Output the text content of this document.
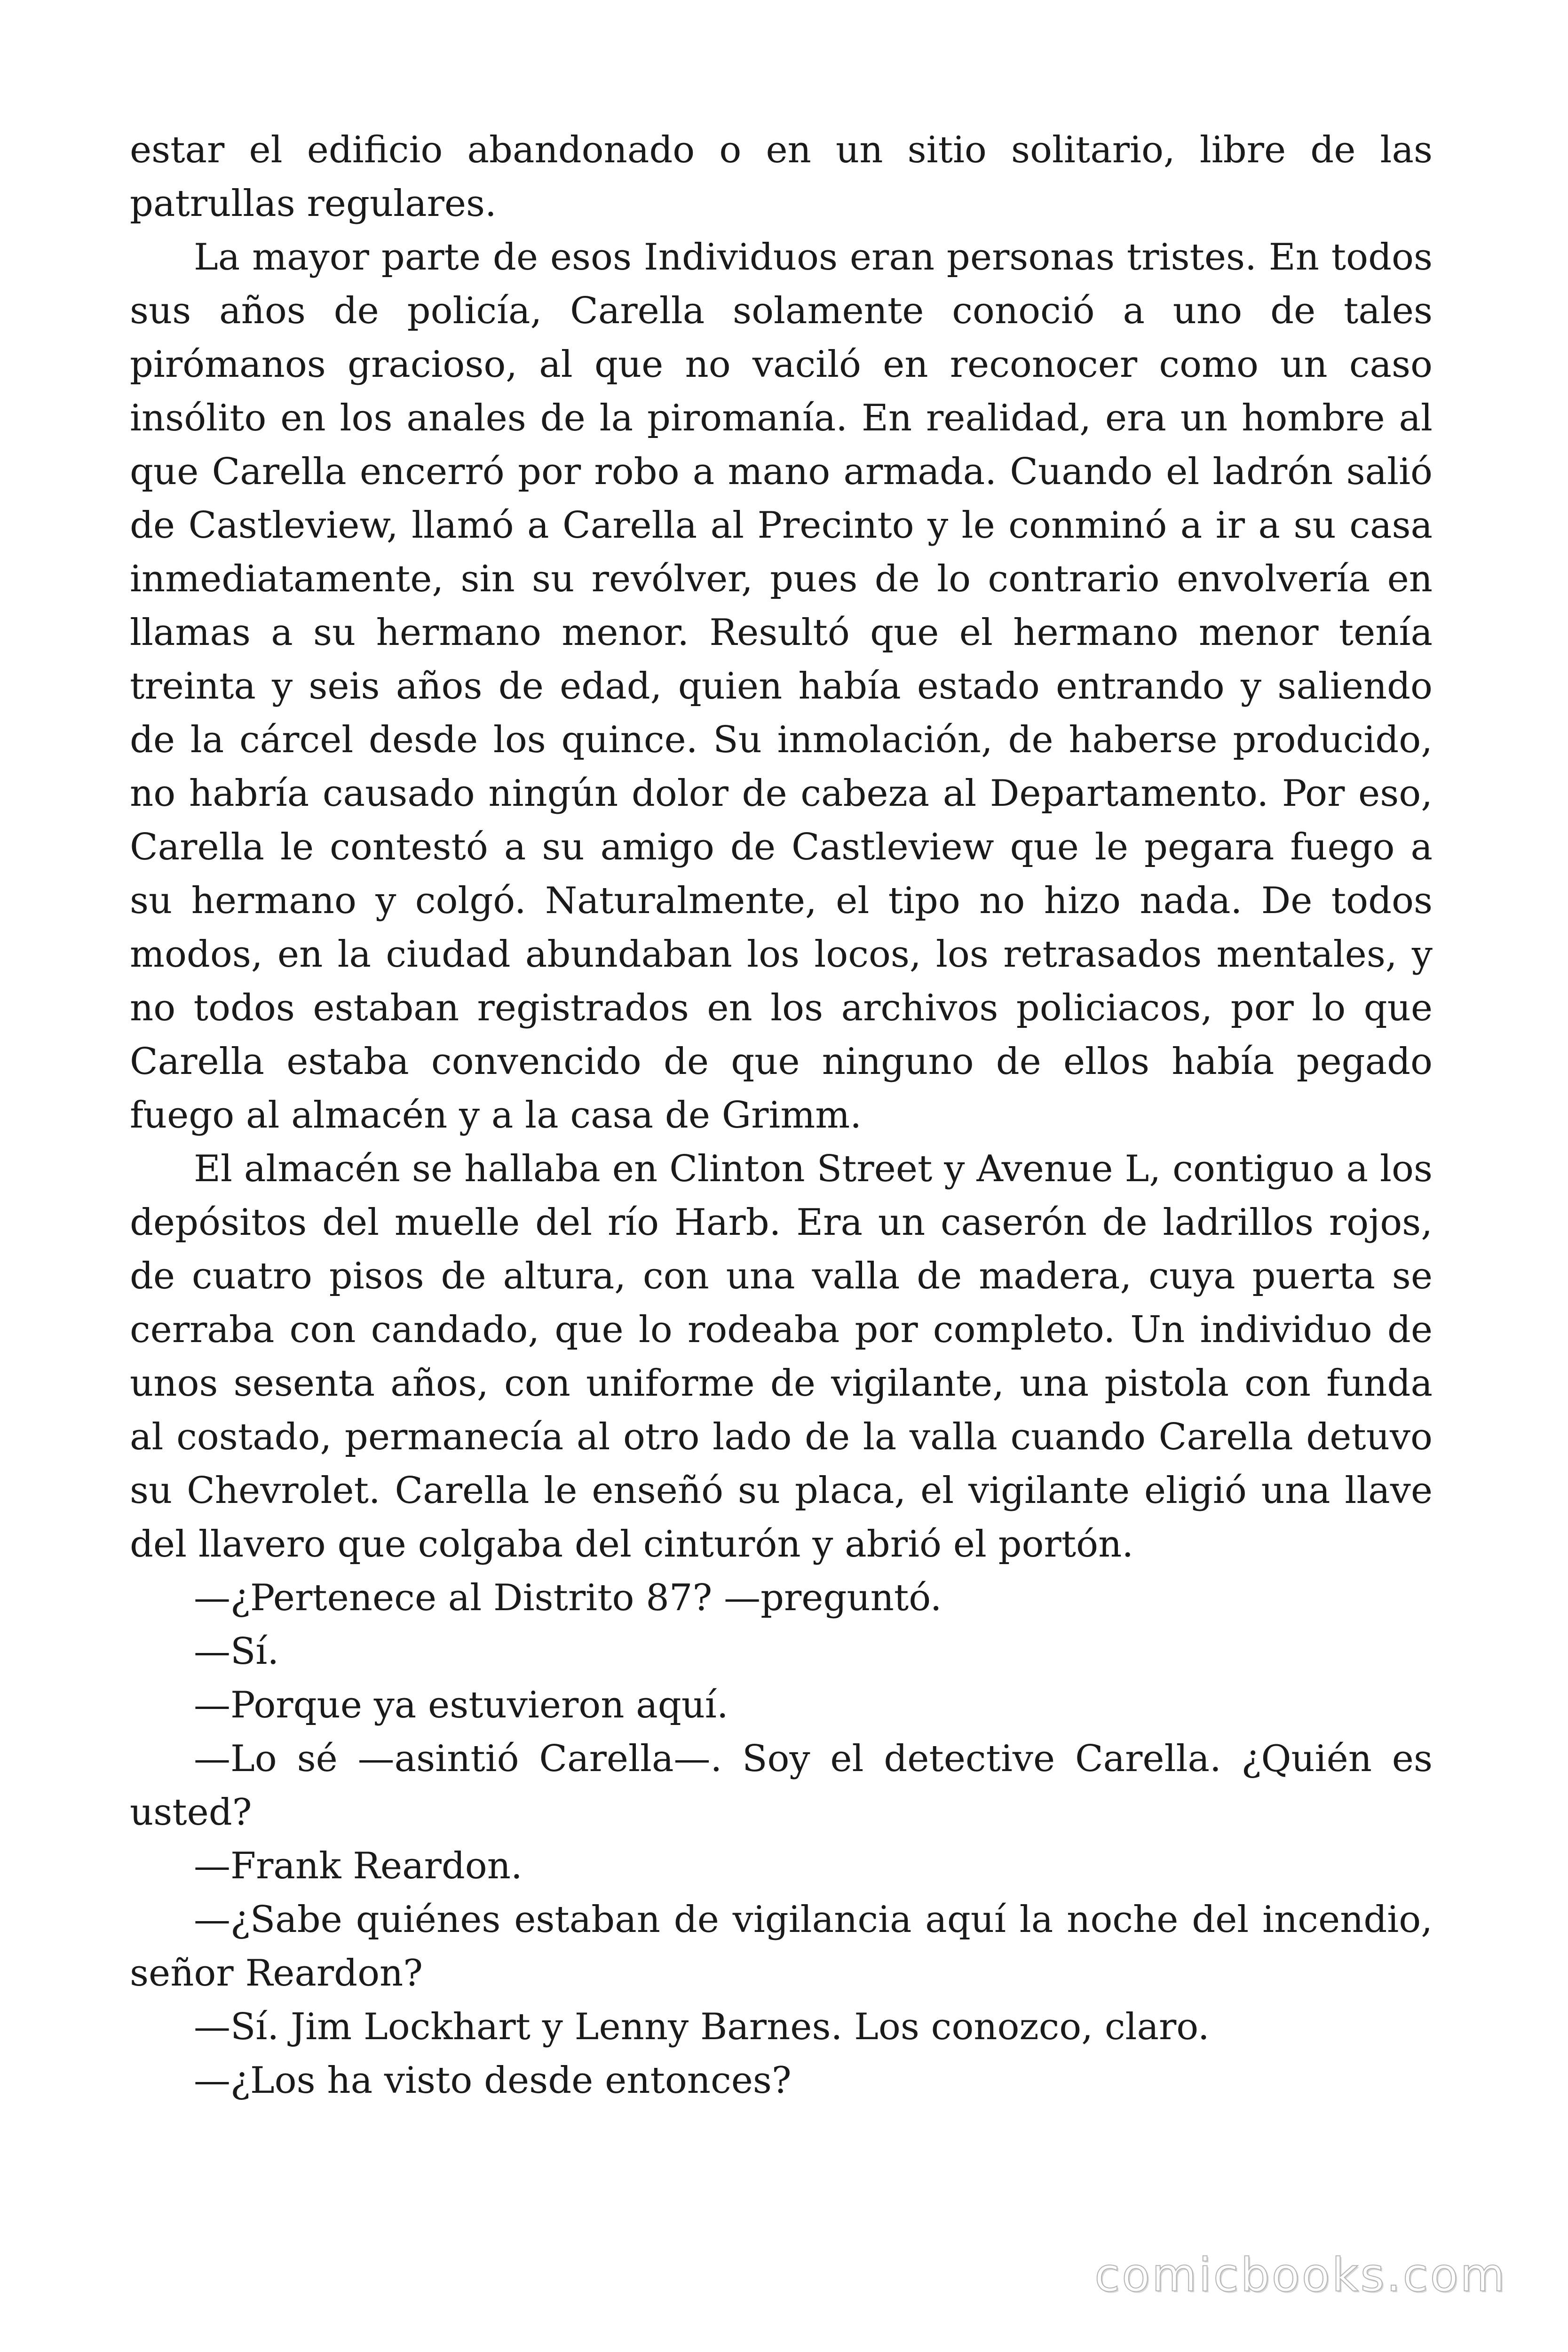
estar el edificio abandonado o en un sitio solitario, libre de las patrullas regulares.

La mayor parte de esos Individuos eran personas tristes. En todos sus años de policía, Carella solamente conoció a uno de tales pirómanos gracioso, al que no vaciló en reconocer como un caso insólito en los anales de la piromanía. En realidad, era un hombre al que Carella encerró por robo a mano armada. Cuando el ladrón salió de Castleview, llamó a Carella al Precinto y le conminó a ir a su casa inmediatamente, sin su revólver, pues de lo contrario envolvería en llamas a su hermano menor. Resultó que el hermano menor tenía treinta y seis años de edad, quien había estado entrando y saliendo de la cárcel desde los quince. Su inmolación, de haberse producido, no habría causado ningún dolor de cabeza al Departamento. Por eso, Carella le contestó a su amigo de Castleview que le pegara fuego a su hermano y colgó. Naturalmente, el tipo no hizo nada. De todos modos, en la ciudad abundaban los locos, los retrasados mentales, y no todos estaban registrados en los archivos policiacos, por lo que Carella estaba convencido de que ninguno de ellos había pegado fuego al almacén y a la casa de Grimm.

El almacén se hallaba en Clinton Street y Avenue L, contiguo a los depósitos del muelle del río Harb. Era un caserón de ladrillos rojos, de cuatro pisos de altura, con una valla de madera, cuya puerta se cerraba con candado, que lo rodeaba por completo. Un individuo de unos sesenta años, con uniforme de vigilante, una pistola con funda al costado, permanecía al otro lado de la valla cuando Carella detuvo su Chevrolet. Carella le enseñó su placa, el vigilante eligió una llave del llavero que colgaba del cinturón y abrió el portón.

—¿Pertenece al Distrito 87? —preguntó.

—Sí.

—Porque ya estuvieron aquí.

—Lo sé —asintió Carella—. Soy el detective Carella. ¿Quién es usted?

—Frank Reardon.

—¿Sabe quiénes estaban de vigilancia aquí la noche del incendio, señor Reardon?

—Sí. Jim Lockhart y Lenny Barnes. Los conozco, claro.

—¿Los ha visto desde entonces?

comicbooks.com
